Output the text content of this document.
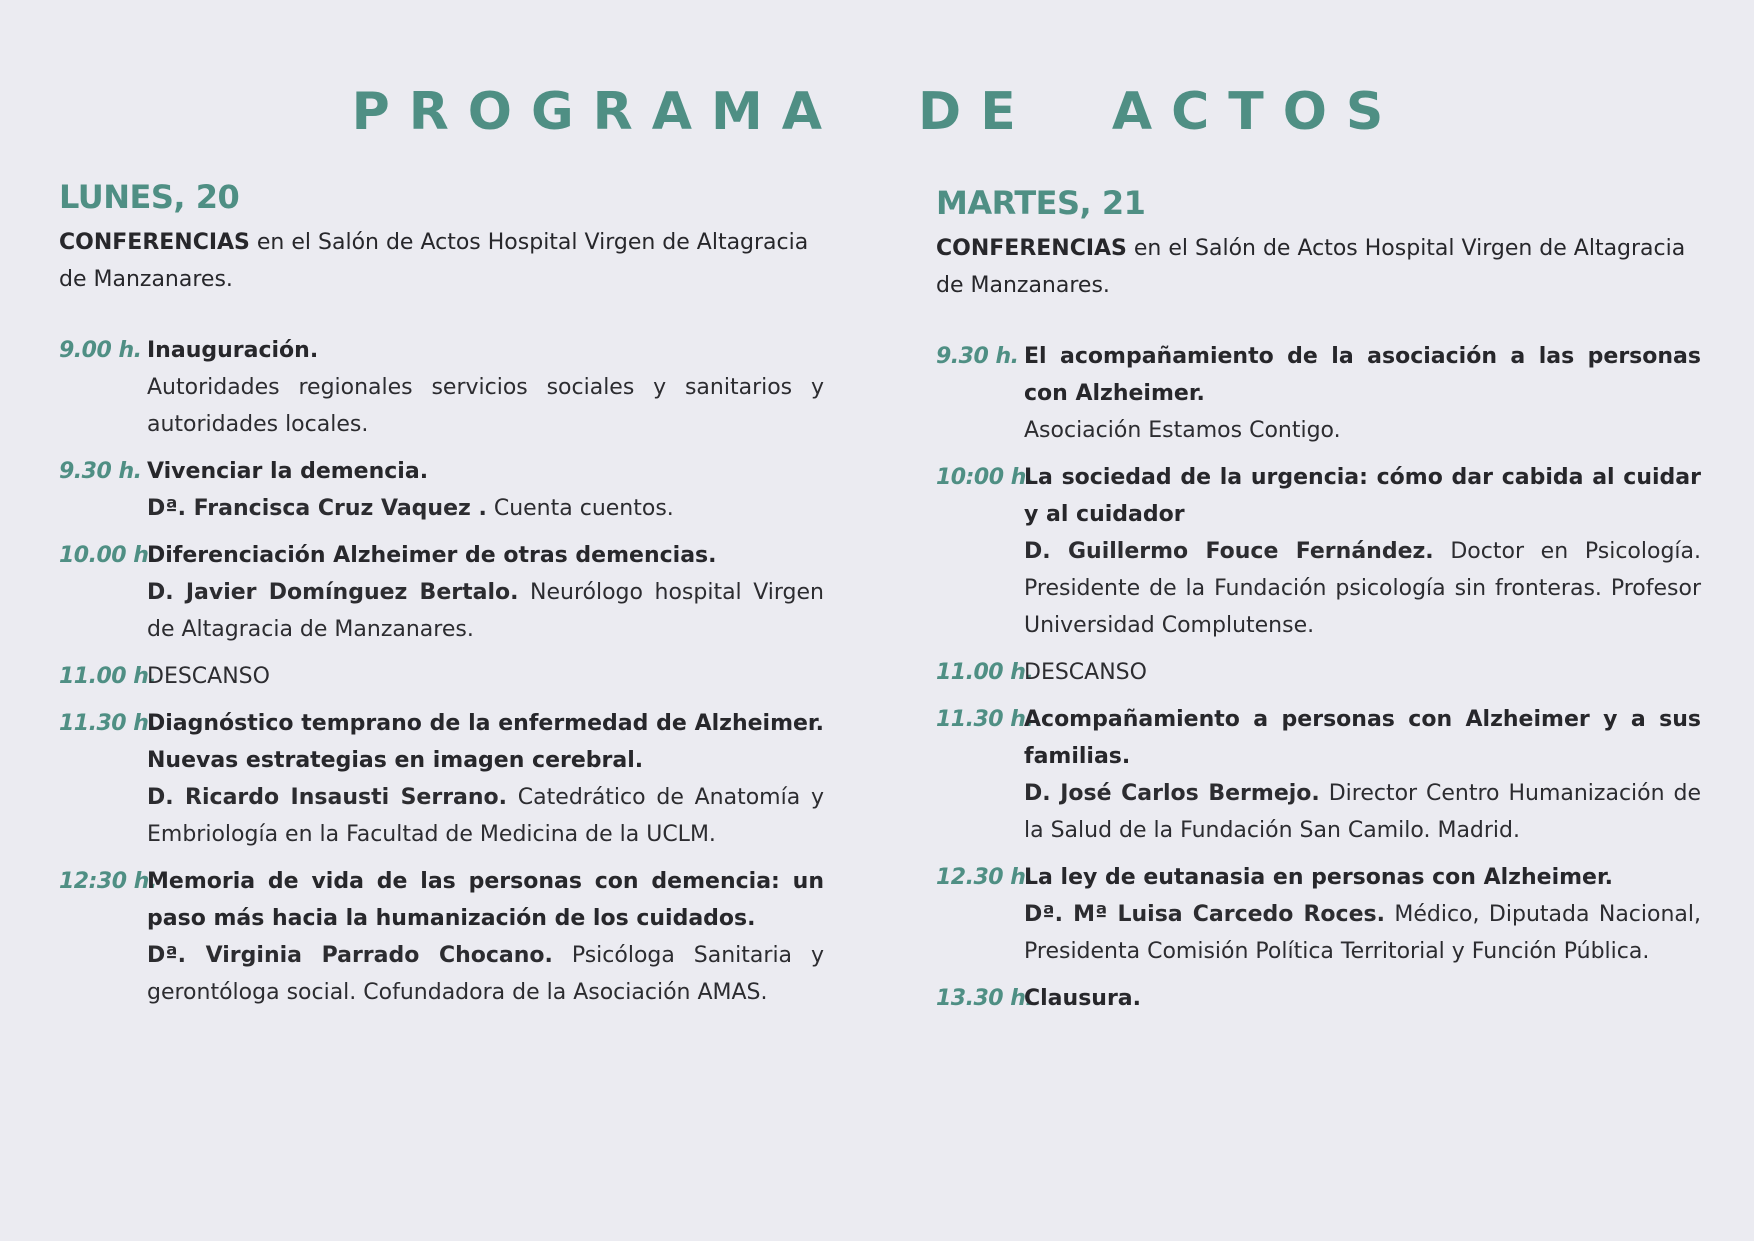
PROGRAMA DE ACTOS
LUNES, 20
CONFERENCIAS en el Salón de Actos Hospital Virgen de Altagracia de Manzanares.
9.00 h. Inauguración.
Autoridades regionales servicios sociales y sanitarios y autoridades locales.
9.30 h. Vivenciar la demencia.
Dª. Francisca Cruz Vaquez . Cuenta cuentos.
10.00 h.
Diferenciación Alzheimer de otras demencias.
D. Javier Domínguez Bertalo. Neurólogo hospital Virgen de Altagracia de Manzanares.
11.00 h.
DESCANSO
11.30 h.
Diagnóstico temprano de la enfermedad de Alzheimer. Nuevas estrategias en imagen cerebral.
D. Ricardo Insausti Serrano. Catedrático de Anatomía y Embriología en la Facultad de Medicina de la UCLM.
12:30 h.
Memoria de vida de las personas con demencia: un paso más hacia la humanización de los cuidados.
Dª. Virginia Parrado Chocano. Psicóloga Sanitaria y gerontóloga social. Cofundadora de la Asociación AMAS.
MARTES, 21
CONFERENCIAS en el Salón de Actos Hospital Virgen de Altagracia de Manzanares.
9.30 h. El acompañamiento de la asociación a las personas con Alzheimer.
Asociación Estamos Contigo.
10:00 h.
La sociedad de la urgencia: cómo dar cabida al cuidar y al cuidador
D. Guillermo Fouce Fernández. Doctor en Psicología. Presidente de la Fundación psicología sin fronteras. Profesor Universidad Complutense.
11.00 h.
DESCANSO
11.30 h.
Acompañamiento a personas con Alzheimer y a sus familias.
D. José Carlos Bermejo. Director Centro Humanización de la Salud de la Fundación San Camilo. Madrid.
12.30 h.
La ley de eutanasia en personas con Alzheimer.
Dª. Mª Luisa Carcedo Roces. Médico, Diputada Nacional, Presidenta Comisión Política Territorial y Función Pública.
13.30 h.
Clausura.
